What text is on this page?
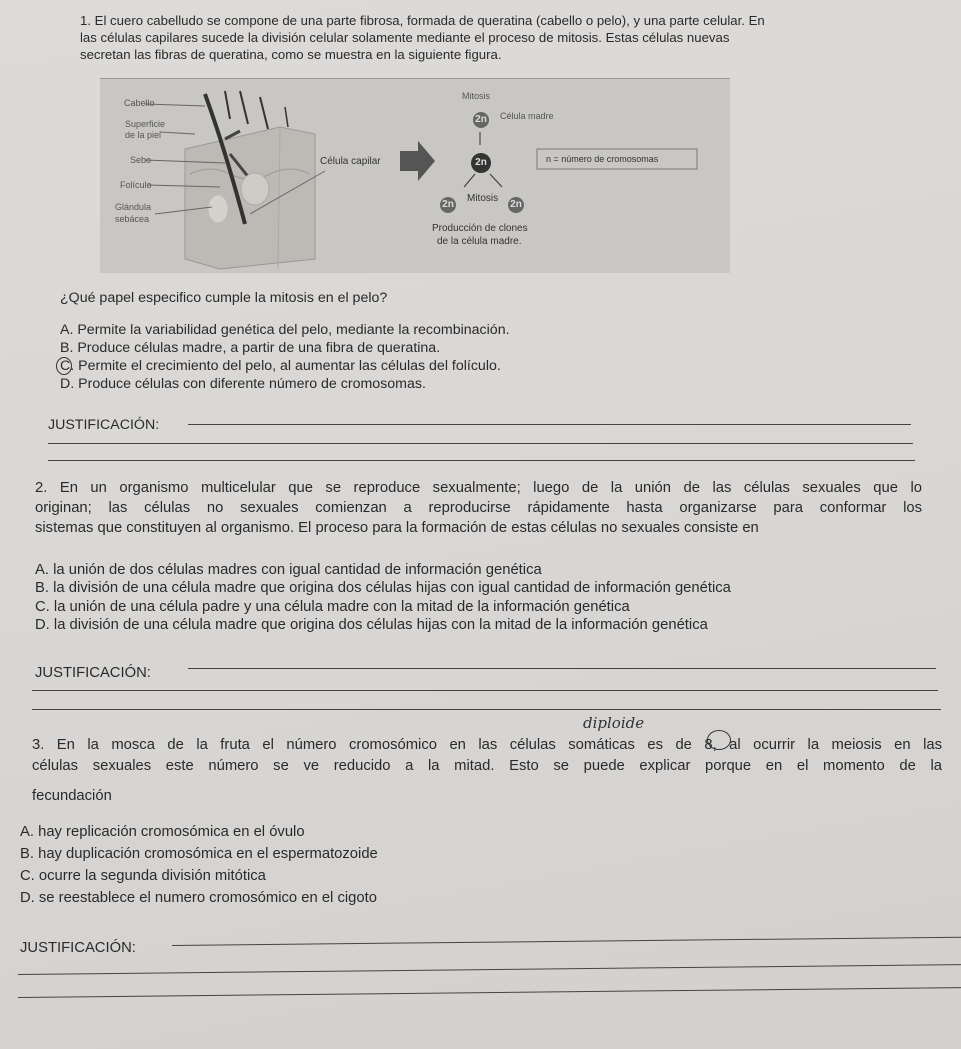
1. El cuero cabelludo se compone de una parte fibrosa, formada de queratina (cabello o pelo), y una parte celular. En
las células capilares sucede la división celular solamente mediante el proceso de mitosis. Estas células nuevas
secretan las fibras de queratina, como se muestra en la siguiente figura.
Cabello
Superficie
de la piel
Sebo
Folículo
Glándula
sebácea
Célula capilar
Mitosis
2n Célula madre
2n	n = número de cromosomas
Mitosis
2n	2n
Producción de clones
de la célula madre.
¿Qué papel especifico cumple la mitosis en el pelo?
A. Permite la variabilidad genética del pelo, mediante la recombinación.
B. Produce células madre, a partir de una fibra de queratina.
C. Permite el crecimiento del pelo, al aumentar las células del folículo.
D. Produce células con diferente número de cromosomas.
JUSTIFICACIÓN:
2. En un organismo multicelular que se reproduce sexualmente; luego de la unión de las células sexuales que lo
originan; las células no sexuales comienzan a reproducirse rápidamente hasta organizarse para conformar los
sistemas que constituyen al organismo. El proceso para la formación de estas células no sexuales consiste en
A. la unión de dos células madres con igual cantidad de información genética
B. la división de una célula madre que origina dos células hijas con igual cantidad de información genética
C. la unión de una célula padre y una célula madre con la mitad de la información genética
D. la división de una célula madre que origina dos células hijas con la mitad de la información genética
JUSTIFICACIÓN:
diploide
3. En la mosca de la fruta el número cromosómico en las células somáticas es de 8, al ocurrir la meiosis en las
células sexuales este número se ve reducido a la mitad. Esto se puede explicar porque en el momento de la
fecundación
A. hay replicación cromosómica en el óvulo
B. hay duplicación cromosómica en el espermatozoide
C. ocurre la segunda división mitótica
D. se reestablece el numero cromosómico en el cigoto
JUSTIFICACIÓN:
